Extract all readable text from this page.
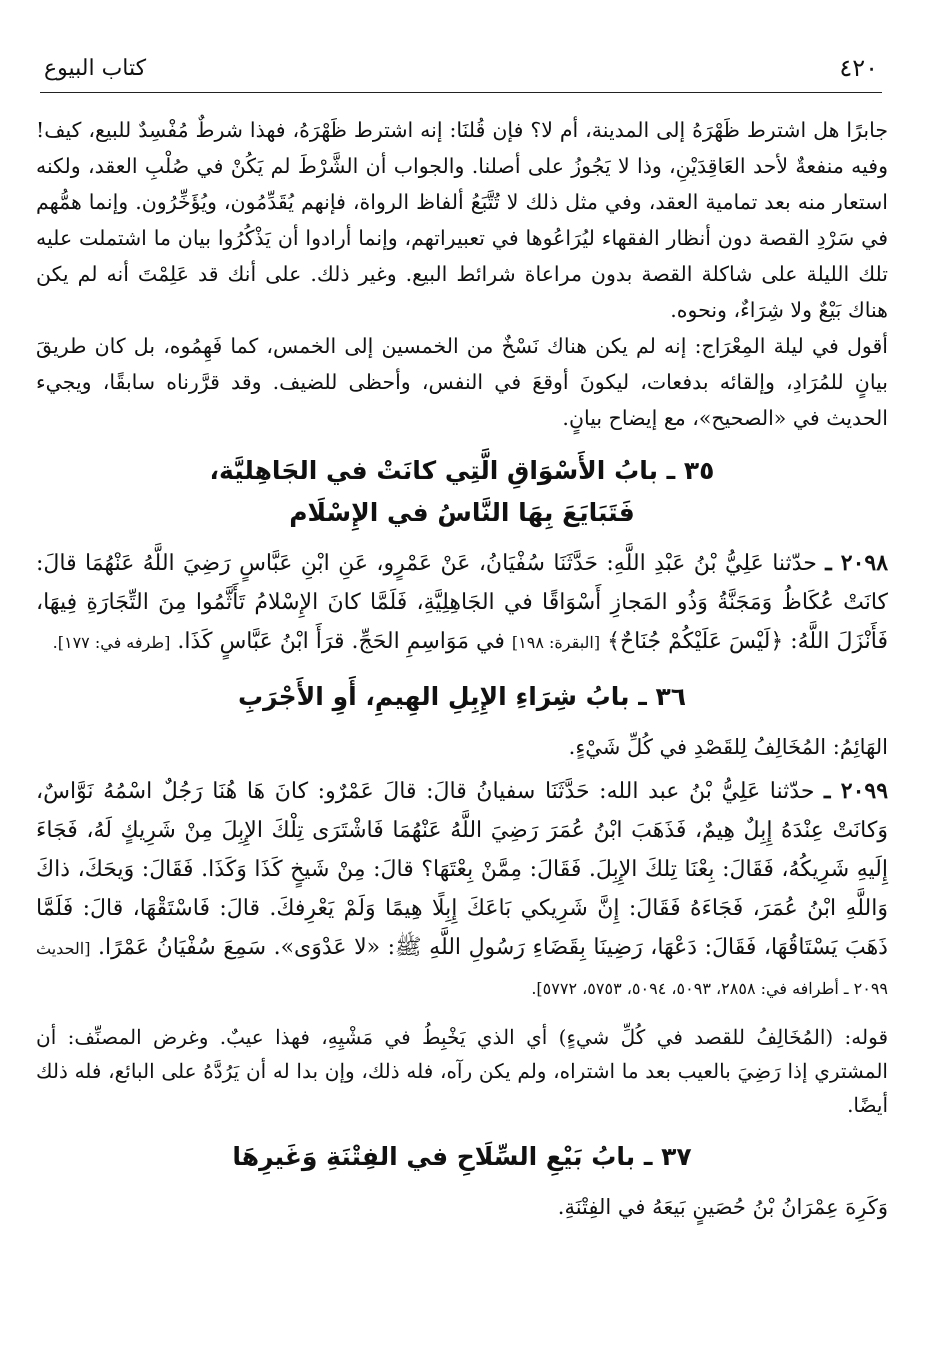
٤٢٠
كتاب البيوع

جابرًا هل اشترط ظَهْرَهُ إلى المدينة، أم لا؟ فإن قُلنَا: إنه اشترط ظَهْرَهُ، فهذا شرطٌ مُفْسِدٌ للبيع، كيف! وفيه منفعةٌ لأحد العَاقِدَيْنِ، وذا لا يَجُوزُ على أصلنا. والجواب أن الشَّرْطَ لم يَكُنْ في صُلْبِ العقد، ولكنه استعار منه بعد تمامية العقد، وفي مثل ذلك لا تُتَّبَعُ ألفاظ الرواة، فإنهم يُقَدِّمُون، ويُؤَخِّرُون. وإنما همُّهم في سَرْدِ القصة دون أنظار الفقهاء ليُرَاعُوها في تعبيراتهم، وإنما أرادوا أن يَذْكُرُوا بيان ما اشتملت عليه تلك الليلة على شاكلة القصة بدون مراعاة شرائط البيع. وغير ذلك. على أنك قد عَلِمْتَ أنه لم يكن هناك بَيْعٌ ولا شِرَاءٌ، ونحوه.

أقول في ليلة المِعْرَاج: إنه لم يكن هناك نَسْخٌ من الخمسين إلى الخمس، كما فَهِمُوه، بل كان طريقَ بيانٍ للمُرَادِ، وإلقائه بدفعات، ليكونَ أوقعَ في النفس، وأحظى للضيف. وقد قرَّرناه سابقًا، ويجيء الحديث في «الصحيح»، مع إيضاح بيانٍ.

٣٥ ـ بابُ الأَسْوَاقِ الَّتِي كانَتْ في الجَاهِليَّة،
فَتَبَايَعَ بِهَا النَّاسُ في الإِسْلَام

٢٠٩٨ ـ حدّثنا عَلِيُّ بْنُ عَبْدِ اللَّهِ: حَدَّثَنَا سُفْيَانُ، عَنْ عَمْرٍو، عَنِ ابْنِ عَبَّاسٍ رَضِيَ اللَّهُ عَنْهُمَا قالَ: كانَتْ عُكَاظُ وَمَجَنَّةُ وَذُو المَجازِ أَسْوَاقًا في الجَاهِلِيَّةِ، فَلَمَّا كانَ الإِسْلامُ تَأَثَّمُوا مِنَ التِّجَارَةِ فِيهَا، فَأَنْزَلَ اللَّهُ: ﴿لَيْسَ عَلَيْكُمْ جُنَاحٌ﴾ [البقرة: ١٩٨] في مَوَاسِمِ الحَجِّ. قرَأَ ابْنُ عَبَّاسٍ كَذَا. [طرفه في: ١٧٧].

٣٦ ـ بابُ شِرَاءِ الإِبِلِ الهِيمِ، أَوِ الأَجْرَبِ

الهَائِمُ: المُخَالِفُ لِلقَصْدِ في كُلِّ شَيْءٍ.

٢٠٩٩ ـ حدّثنا عَلِيُّ بْنُ عبد الله: حَدَّثَنَا سفيانُ قالَ: قالَ عَمْرٌو: كانَ هَا هُنَا رَجُلٌ اسْمُهُ نَوَّاسٌ، وَكانَتْ عِنْدَهُ إِبِلٌ هِيمٌ، فَذَهَبَ ابْنُ عُمَرَ رَضِيَ اللَّهُ عَنْهُمَا فَاشْتَرَى تِلْكَ الإِبِلَ مِنْ شَرِيكٍ لَهُ، فَجَاءَ إِلَيهِ شَرِيكُهُ، فَقَالَ: بِعْنَا تِلكَ الإِبِلَ. فَقَالَ: مِمَّنْ بِعْتَهَا؟ قالَ: مِنْ شَيخٍ كَذَا وَكَذَا. فَقَالَ: وَيحَكَ، ذاكَ وَاللَّهِ ابْنُ عُمَرَ، فَجَاءَهُ فَقَالَ: إِنَّ شَرِيكي بَاعَكَ إِبِلًا هِيمًا وَلَمْ يَعْرِفكَ. قالَ: فَاسْتَقْهَا، قالَ: فَلَمَّا ذَهَبَ يَسْتَاقُهَا، فَقَالَ: دَعْهَا، رَضِينَا بِقَضَاءِ رَسُولِ اللَّهِ ﷺ: «لا عَدْوَى». سَمِعَ سُفْيَانُ عَمْرًا. [الحديث ٢٠٩٩ ـ أطرافه في: ٢٨٥٨، ٥٠٩٣، ٥٠٩٤، ٥٧٥٣، ٥٧٧٢].

قوله: (المُخَالِفُ للقصد في كُلِّ شيءٍ) أي الذي يَخْبِطُ في مَشْيِهِ، فهذا عيبٌ. وغرض المصنِّف: أن المشتري إذا رَضِيَ بالعيب بعد ما اشتراه، ولم يكن رآه، فله ذلك، وإن بدا له أن يَرُدَّهُ على البائع، فله ذلك أيضًا.

٣٧ ـ بابُ بَيْعِ السِّلَاحِ في الفِتْنَةِ وَغَيرِهَا

وَكَرِهَ عِمْرَانُ بْنُ حُصَينٍ بَيعَهُ في الفِتْنَةِ.
